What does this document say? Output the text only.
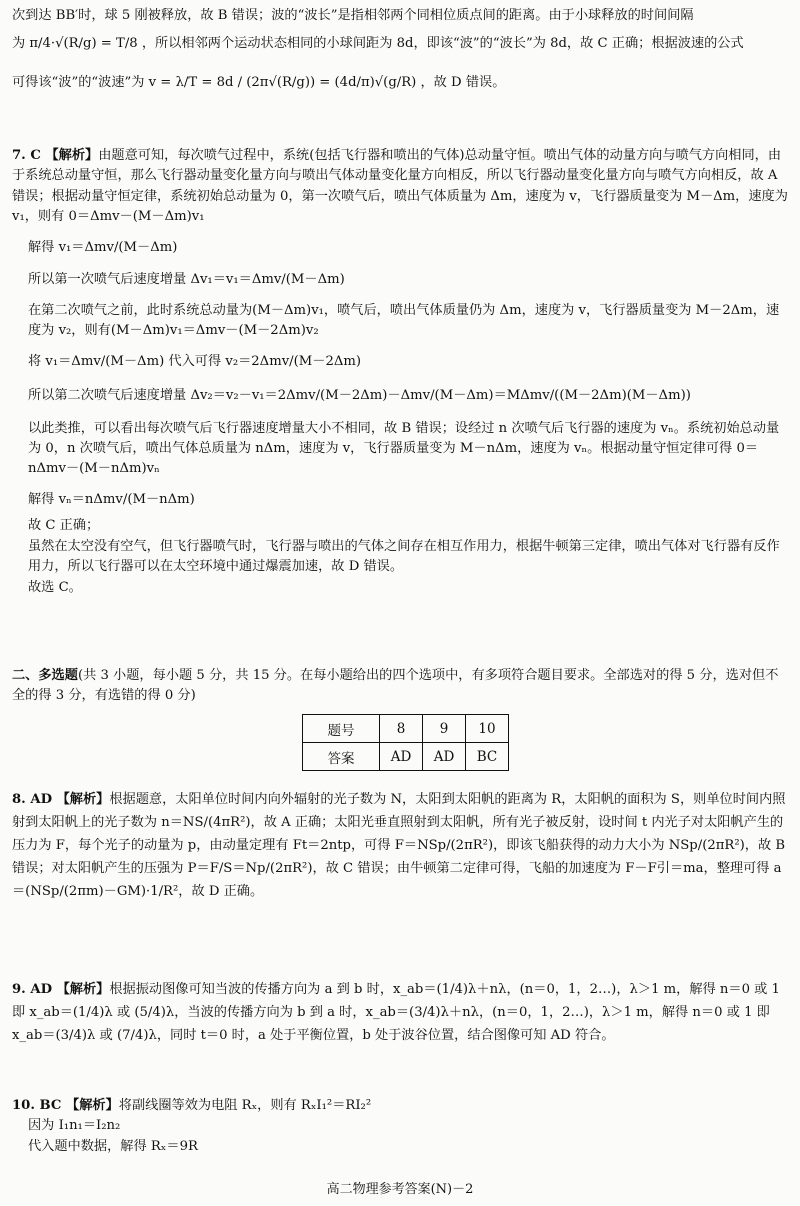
次到达 BB′时，球 5 刚被释放，故 B 错误；波的“波长”是指相邻两个同相位质点间的距离。由于小球释放的时间间隔

为 π/4·√(R/g) = T/8 ，所以相邻两个运动状态相同的小球间距为 8d，即该“波”的“波长”为 8d，故 C 正确；根据波速的公式

可得该“波”的“波速”为 v = λ/T = 8d / (2π√(R/g)) = (4d/π)√(g/R) ，故 D 错误。

7. C 【解析】由题意可知，每次喷气过程中，系统(包括飞行器和喷出的气体)总动量守恒。喷出气体的动量方向与喷气方向相同，由于系统总动量守恒，那么飞行器动量变化量方向与喷出气体动量变化量方向相反，所以飞行器动量变化量方向与喷气方向相反，故 A 错误；根据动量守恒定律，系统初始总动量为 0，第一次喷气后，喷出气体质量为 Δm，速度为 v，飞行器质量变为 M－Δm，速度为 v₁，则有 0＝Δmv－(M－Δm)v₁

解得 v₁＝Δmv/(M－Δm)

所以第一次喷气后速度增量 Δv₁＝v₁＝Δmv/(M－Δm)

在第二次喷气之前，此时系统总动量为(M－Δm)v₁，喷气后，喷出气体质量仍为 Δm，速度为 v，飞行器质量变为 M－2Δm，速度为 v₂，则有(M－Δm)v₁＝Δmv－(M－2Δm)v₂

将 v₁＝Δmv/(M－Δm) 代入可得 v₂＝2Δmv/(M－2Δm)

所以第二次喷气后速度增量 Δv₂＝v₂－v₁＝2Δmv/(M－2Δm)－Δmv/(M－Δm)＝MΔmv/((M－2Δm)(M－Δm))

以此类推，可以看出每次喷气后飞行器速度增量大小不相同，故 B 错误；设经过 n 次喷气后飞行器的速度为 vₙ。系统初始总动量为 0，n 次喷气后，喷出气体总质量为 nΔm，速度为 v，飞行器质量变为 M－nΔm，速度为 vₙ。根据动量守恒定律可得 0＝nΔmv－(M－nΔm)vₙ

解得 vₙ＝nΔmv/(M－nΔm)

故 C 正确；

虽然在太空没有空气，但飞行器喷气时，飞行器与喷出的气体之间存在相互作用力，根据牛顿第三定律，喷出气体对飞行器有反作用力，所以飞行器可以在太空环境中通过爆震加速，故 D 错误。

故选 C。

二、多选题(共 3 小题，每小题 5 分，共 15 分。在每小题给出的四个选项中，有多项符合题目要求。全部选对的得 5 分，选对但不全的得 3 分，有选错的得 0 分)

题号	8	9	10
答案	AD	AD	BC

8. AD 【解析】根据题意，太阳单位时间内向外辐射的光子数为 N，太阳到太阳帆的距离为 R，太阳帆的面积为 S，则单位时间内照射到太阳帆上的光子数为 n＝NS/(4πR²)，故 A 正确；太阳光垂直照射到太阳帆，所有光子被反射，设时间 t 内光子对太阳帆产生的压力为 F，每个光子的动量为 p，由动量定理有 Ft＝2ntp，可得 F＝NSp/(2πR²)，即该飞船获得的动力大小为 NSp/(2πR²)，故 B 错误；对太阳帆产生的压强为 P＝F/S＝Np/(2πR²)，故 C 错误；由牛顿第二定律可得，飞船的加速度为 F－F引＝ma，整理可得 a＝(NSp/(2πm)－GM)·1/R²，故 D 正确。

9. AD 【解析】根据振动图像可知当波的传播方向为 a 到 b 时，x_ab＝(1/4)λ＋nλ，(n＝0，1，2…)，λ＞1 m，解得 n＝0 或 1 即 x_ab＝(1/4)λ 或 (5/4)λ，当波的传播方向为 b 到 a 时，x_ab＝(3/4)λ＋nλ，(n＝0，1，2…)，λ＞1 m，解得 n＝0 或 1 即 x_ab＝(3/4)λ 或 (7/4)λ，同时 t＝0 时，a 处于平衡位置，b 处于波谷位置，结合图像可知 AD 符合。

10. BC 【解析】将副线圈等效为电阻 Rₓ，则有 RₓI₁²＝RI₂²

因为 I₁n₁＝I₂n₂

代入题中数据，解得 Rₓ＝9R

高二物理参考答案(N)－2
